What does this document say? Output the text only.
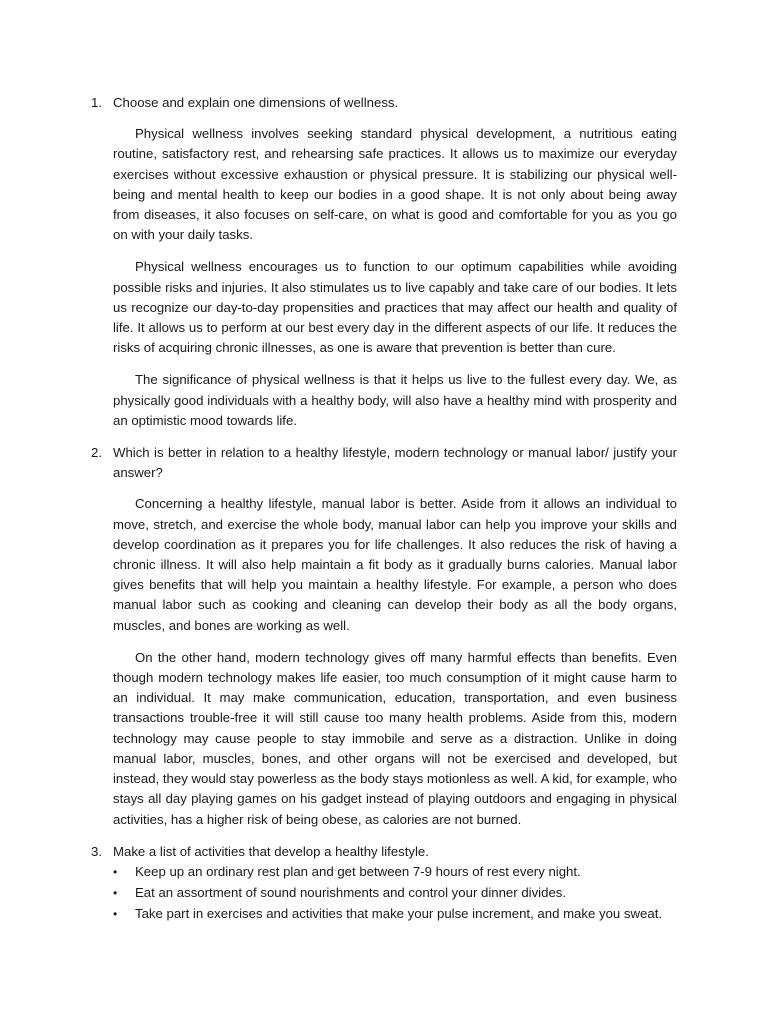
1. Choose and explain one dimensions of wellness.

Physical wellness involves seeking standard physical development, a nutritious eating routine, satisfactory rest, and rehearsing safe practices. It allows us to maximize our everyday exercises without excessive exhaustion or physical pressure. It is stabilizing our physical well-being and mental health to keep our bodies in a good shape. It is not only about being away from diseases, it also focuses on self-care, on what is good and comfortable for you as you go on with your daily tasks.

Physical wellness encourages us to function to our optimum capabilities while avoiding possible risks and injuries. It also stimulates us to live capably and take care of our bodies. It lets us recognize our day-to-day propensities and practices that may affect our health and quality of life. It allows us to perform at our best every day in the different aspects of our life. It reduces the risks of acquiring chronic illnesses, as one is aware that prevention is better than cure.

The significance of physical wellness is that it helps us live to the fullest every day. We, as physically good individuals with a healthy body, will also have a healthy mind with prosperity and an optimistic mood towards life.

2. Which is better in relation to a healthy lifestyle, modern technology or manual labor/ justify your answer?

Concerning a healthy lifestyle, manual labor is better. Aside from it allows an individual to move, stretch, and exercise the whole body, manual labor can help you improve your skills and develop coordination as it prepares you for life challenges. It also reduces the risk of having a chronic illness. It will also help maintain a fit body as it gradually burns calories. Manual labor gives benefits that will help you maintain a healthy lifestyle. For example, a person who does manual labor such as cooking and cleaning can develop their body as all the body organs, muscles, and bones are working as well.

On the other hand, modern technology gives off many harmful effects than benefits. Even though modern technology makes life easier, too much consumption of it might cause harm to an individual. It may make communication, education, transportation, and even business transactions trouble-free it will still cause too many health problems. Aside from this, modern technology may cause people to stay immobile and serve as a distraction. Unlike in doing manual labor, muscles, bones, and other organs will not be exercised and developed, but instead, they would stay powerless as the body stays motionless as well. A kid, for example, who stays all day playing games on his gadget instead of playing outdoors and engaging in physical activities, has a higher risk of being obese, as calories are not burned.

3. Make a list of activities that develop a healthy lifestyle.
•	Keep up an ordinary rest plan and get between 7-9 hours of rest every night.
•	Eat an assortment of sound nourishments and control your dinner divides.
•	Take part in exercises and activities that make your pulse increment, and make you sweat.
